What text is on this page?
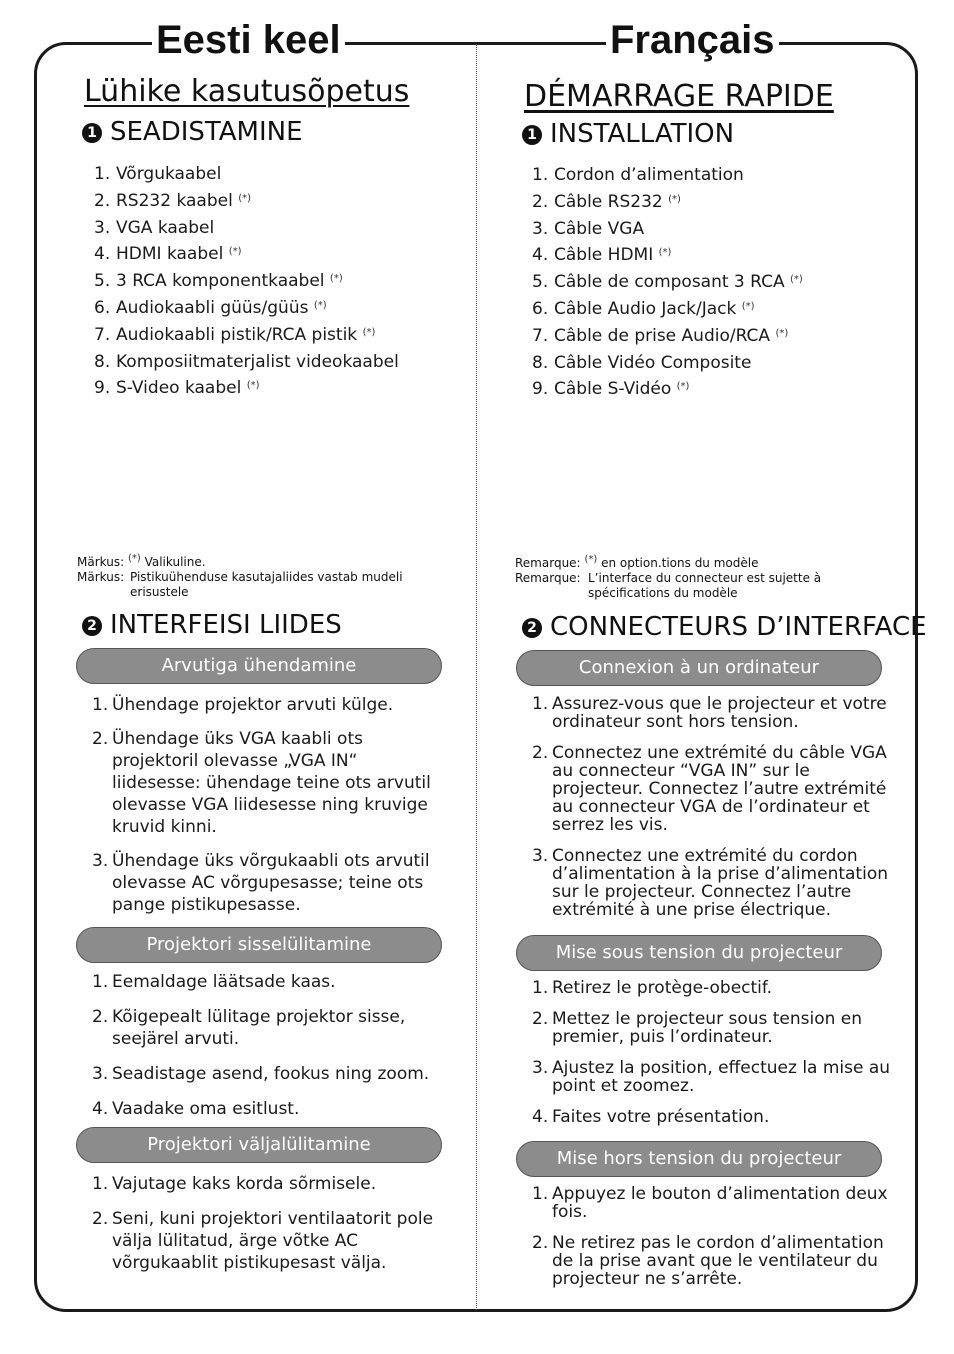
Eesti keel	Français
Lühike kasutusõpetus
1 SEADISTAMINE
1. Võrgukaabel
2. RS232 kaabel (*)
3. VGA kaabel
4. HDMI kaabel (*)
5. 3 RCA komponentkaabel (*)
6. Audiokaabli güüs/güüs (*)
7. Audiokaabli pistik/RCA pistik (*)
8. Komposiitmaterjalist videokaabel
9. S-Video kaabel (*)
Märkus: (*) Valikuline.
Märkus: Pistikuühenduse kasutajaliides vastab mudeli erisustele
2 INTERFEISI LIIDES
Arvutiga ühendamine
1. Ühendage projektor arvuti külge.
2. Ühendage üks VGA kaabli ots projektoril olevasse „VGA IN“ liidesesse: ühendage teine ots arvutil olevasse VGA liidesesse ning kruvige kruvid kinni.
3. Ühendage üks võrgukaabli ots arvutil olevasse AC võrgupesasse; teine ots pange pistikupesasse.
Projektori sisselülitamine
1. Eemaldage läätsade kaas.
2. Kõigepealt lülitage projektor sisse, seejärel arvuti.
3. Seadistage asend, fookus ning zoom.
4. Vaadake oma esitlust.
Projektori väljalülitamine
1. Vajutage kaks korda sõrmisele.
2. Seni, kuni projektori ventilaatorit pole välja lülitatud, ärge võtke AC võrgukaablit pistikupesast välja.
DÉMARRAGE RAPIDE
1 INSTALLATION
1. Cordon d’alimentation
2. Câble RS232 (*)
3. Câble VGA
4. Câble HDMI (*)
5. Câble de composant 3 RCA (*)
6. Câble Audio Jack/Jack (*)
7. Câble de prise Audio/RCA (*)
8. Câble Vidéo Composite
9. Câble S-Vidéo (*)
Remarque: (*) en option.tions du modèle
Remarque: L’interface du connecteur est sujette à spécifications du modèle
2 CONNECTEURS D’INTERFACE
Connexion à un ordinateur
1. Assurez-vous que le projecteur et votre ordinateur sont hors tension.
2. Connectez une extrémité du câble VGA au connecteur “VGA IN” sur le projecteur. Connectez l’autre extrémité au connecteur VGA de l’ordinateur et serrez les vis.
3. Connectez une extrémité du cordon d’alimentation à la prise d’alimentation sur le projecteur. Connectez l’autre extrémité à une prise électrique.
Mise sous tension du projecteur
1. Retirez le protège-obectif.
2. Mettez le projecteur sous tension en premier, puis l’ordinateur.
3. Ajustez la position, effectuez la mise au point et zoomez.
4. Faites votre présentation.
Mise hors tension du projecteur
1. Appuyez le bouton d’alimentation deux fois.
2. Ne retirez pas le cordon d’alimentation de la prise avant que le ventilateur du projecteur ne s’arrête.
